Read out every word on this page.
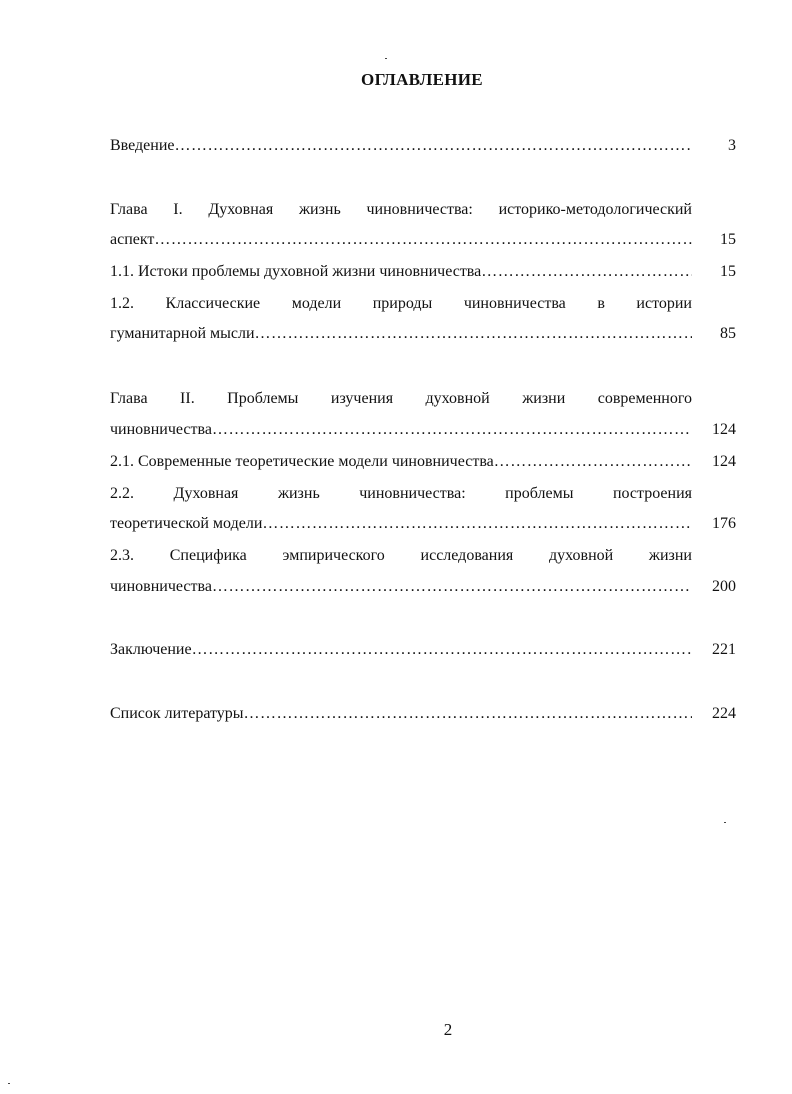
ОГЛАВЛЕНИЕ
Введение ………………………………………………………………………………………………………………………………………………	3
Глава I. Духовная жизнь чиновничества: историко-методологический
аспект ………………………………………………………………………………………………………………………………………………	15
1.1. Истоки проблемы духовной жизни чиновничества ………………………………………………………………………………………………………………………………………………	15
1.2. Классические модели природы чиновничества в истории
гуманитарной мысли ………………………………………………………………………………………………………………………………………………	85
Глава II. Проблемы изучения духовной жизни современного
чиновничества ………………………………………………………………………………………………………………………………………………	124
2.1. Современные теоретические модели чиновничества ………………………………………………………………………………………………………………………………………………	124
2.2. Духовная жизнь чиновничества: проблемы построения
теоретической модели ………………………………………………………………………………………………………………………………………………	176
2.3. Специфика эмпирического исследования духовной жизни
чиновничества ………………………………………………………………………………………………………………………………………………	200
Заключение ………………………………………………………………………………………………………………………………………………	221
Список литературы ………………………………………………………………………………………………………………………………………………	224
2
